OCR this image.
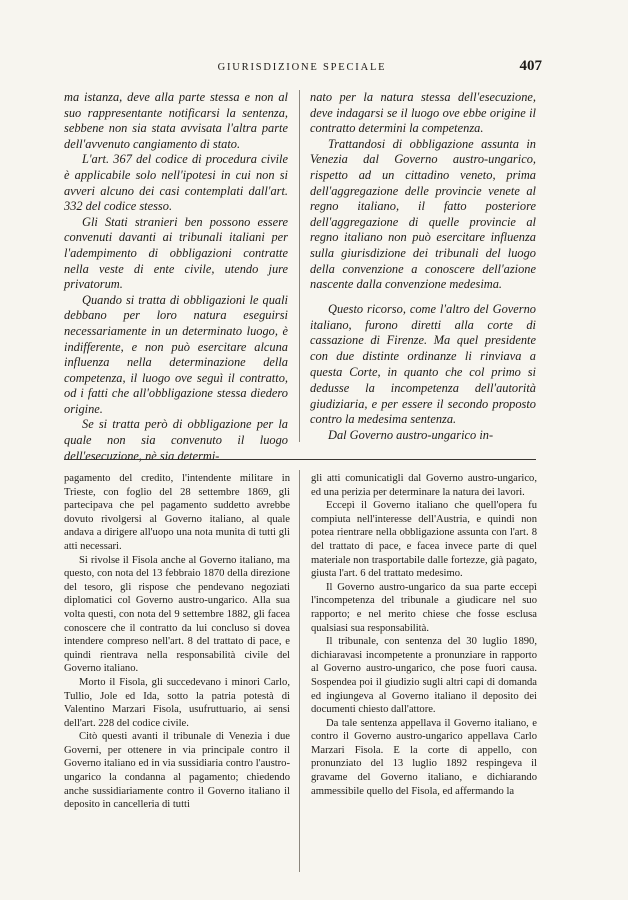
GIURISDIZIONE SPECIALE	407

ma istanza, deve alla parte stessa e non al suo rappresentante notificarsi la sentenza, sebbene non sia stata avvisata l'altra parte dell'avvenuto cangiamento di stato.

L'art. 367 del codice di procedura civile è applicabile solo nell'ipotesi in cui non si avveri alcuno dei casi contemplati dall'art. 332 del codice stesso.

Gli Stati stranieri ben possono essere convenuti davanti ai tribunali italiani per l'adempimento di obbligazioni contratte nella veste di ente civile, utendo jure privatorum.

Quando si tratta di obbligazioni le quali debbano per loro natura eseguirsi necessariamente in un determinato luogo, è indifferente, e non può esercitare alcuna influenza nella determinazione della competenza, il luogo ove seguì il contratto, od i fatti che all'obbligazione stessa diedero origine.

Se si tratta però di obbligazione per la quale non sia convenuto il luogo dell'esecuzione, nè sia determi-

nato per la natura stessa dell'esecuzione, deve indagarsi se il luogo ove ebbe origine il contratto determini la competenza.

Trattandosi di obbligazione assunta in Venezia dal Governo austro-ungarico, rispetto ad un cittadino veneto, prima dell'aggregazione delle provincie venete al regno italiano, il fatto posteriore dell'aggregazione di quelle provincie al regno italiano non può esercitare influenza sulla giurisdizione dei tribunali del luogo della convenzione a conoscere dell'azione nascente dalla convenzione medesima.

Questo ricorso, come l'altro del Governo italiano, furono diretti alla corte di cassazione di Firenze. Ma quel presidente con due distinte ordinanze li rinviava a questa Corte, in quanto che col primo si dedusse la incompetenza dell'autorità giudiziaria, e per essere il secondo proposto contro la medesima sentenza.

Dal Governo austro-ungarico in-

pagamento del credito, l'intendente militare in Trieste, con foglio del 28 settembre 1869, gli partecipava che pel pagamento suddetto avrebbe dovuto rivolgersi al Governo italiano, al quale andava a dirigere all'uopo una nota munita di tutti gli atti necessari.

Si rivolse il Fisola anche al Governo italiano, ma questo, con nota del 13 febbraio 1870 della direzione del tesoro, gli rispose che pendevano negoziati diplomatici col Governo austro-ungarico. Alla sua volta questi, con nota del 9 settembre 1882, gli facea conoscere che il contratto da lui concluso si dovea intendere compreso nell'art. 8 del trattato di pace, e quindi rientrava nella responsabilità civile del Governo italiano.

Morto il Fisola, gli succedevano i minori Carlo, Tullio, Jole ed Ida, sotto la patria potestà di Valentino Marzari Fisola, usufruttuario, ai sensi dell'art. 228 del codice civile.

Citò questi avanti il tribunale di Venezia i due Governi, per ottenere in via principale contro il Governo italiano ed in via sussidiaria contro l'austro-ungarico la condanna al pagamento; chiedendo anche sussidiariamente contro il Governo italiano il deposito in cancelleria di tutti

gli atti comunicatigli dal Governo austro-ungarico, ed una perizia per determinare la natura dei lavori.

Eccepì il Governo italiano che quell'opera fu compiuta nell'interesse dell'Austria, e quindi non potea rientrare nella obbligazione assunta con l'art. 8 del trattato di pace, e facea invece parte di quel materiale non trasportabile dalle fortezze, già pagato, giusta l'art. 6 del trattato medesimo.

Il Governo austro-ungarico da sua parte eccepì l'incompetenza del tribunale a giudicare nel suo rapporto; e nel merito chiese che fosse esclusa qualsiasi sua responsabilità.

Il tribunale, con sentenza del 30 luglio 1890, dichiaravasi incompetente a pronunziare in rapporto al Governo austro-ungarico, che pose fuori causa. Sospendea poi il giudizio sugli altri capi di domanda ed ingiungeva al Governo italiano il deposito dei documenti chiesto dall'attore.

Da tale sentenza appellava il Governo italiano, e contro il Governo austro-ungarico appellava Carlo Marzari Fisola. E la corte di appello, con pronunziato del 13 luglio 1892 respingeva il gravame del Governo italiano, e dichiarando ammessibile quello del Fisola, ed affermando la
